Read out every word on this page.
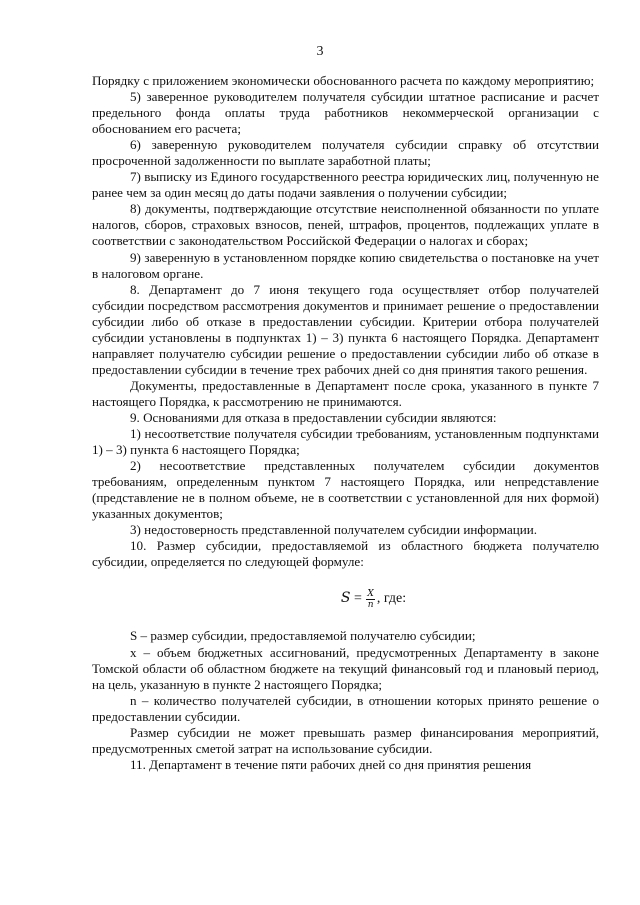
3

Порядку с приложением экономически обоснованного расчета по каждому мероприятию;

5) заверенное руководителем получателя субсидии штатное расписание и расчет предельного фонда оплаты труда работников некоммерческой организации с обоснованием его расчета;

6) заверенную руководителем получателя субсидии справку об отсутствии просроченной задолженности по выплате заработной платы;

7) выписку из Единого государственного реестра юридических лиц, полученную не ранее чем за один месяц до даты подачи заявления о получении субсидии;

8) документы, подтверждающие отсутствие неисполненной обязанности по уплате налогов, сборов, страховых взносов, пеней, штрафов, процентов, подлежащих уплате в соответствии с законодательством Российской Федерации о налогах и сборах;

9) заверенную в установленном порядке копию свидетельства о постановке на учет в налоговом органе.

8. Департамент до 7 июня текущего года осуществляет отбор получателей субсидии посредством рассмотрения документов и принимает решение о предоставлении субсидии либо об отказе в предоставлении субсидии. Критерии отбора получателей субсидии установлены в подпунктах 1) – 3) пункта 6 настоящего Порядка. Департамент направляет получателю субсидии решение о предоставлении субсидии либо об отказе в предоставлении субсидии в течение трех рабочих дней со дня принятия такого решения.

Документы, предоставленные в Департамент после срока, указанного в пункте 7 настоящего Порядка, к рассмотрению не принимаются.

9. Основаниями для отказа в предоставлении субсидии являются:

1) несоответствие получателя субсидии требованиям, установленным подпунктами 1) – 3) пункта 6 настоящего Порядка;

2) несоответствие представленных получателем субсидии документов требованиям, определенным пунктом 7 настоящего Порядка, или непредставление (представление не в полном объеме, не в соответствии с установленной для них формой) указанных документов;

3) недостоверность представленной получателем субсидии информации.

10. Размер субсидии, предоставляемой из областного бюджета получателю субсидии, определяется по следующей формуле:

$S = \frac{X}{n}$ , где:

S – размер субсидии, предоставляемой получателю субсидии;

x – объем бюджетных ассигнований, предусмотренных Департаменту в законе Томской области об областном бюджете на текущий финансовый год и плановый период, на цель, указанную в пункте 2 настоящего Порядка;

n – количество получателей субсидии, в отношении которых принято решение о предоставлении субсидии.

Размер субсидии не может превышать размер финансирования мероприятий, предусмотренных сметой затрат на использование субсидии.

11. Департамент в течение пяти рабочих дней со дня принятия решения
